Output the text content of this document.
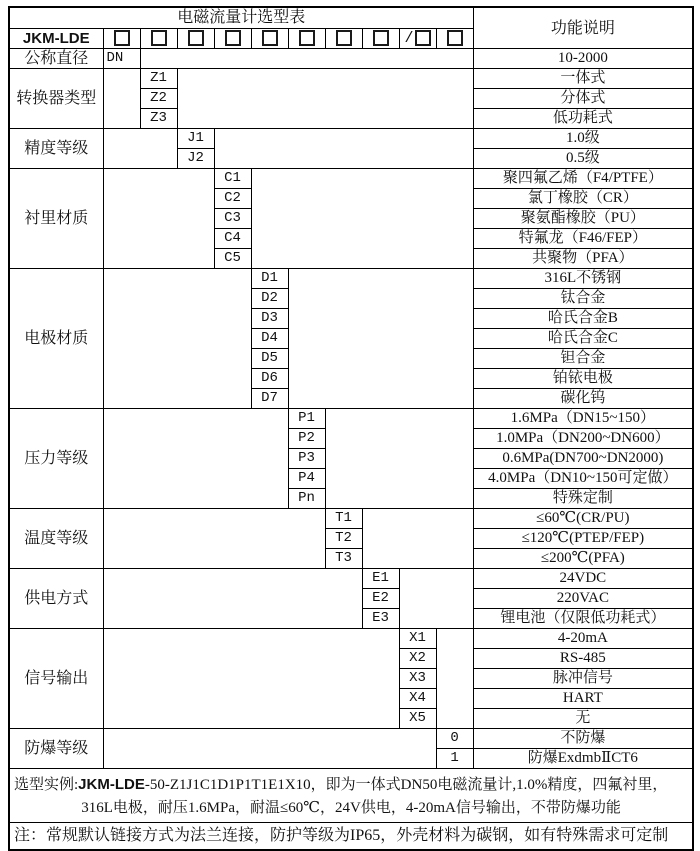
电磁流量计选型表											功能说明
JKM-LDE									/		
公称直径	DN										10-2000
转换器类型		Z1									一体式
		Z2									分体式
		Z3									低功耗式
精度等级			J1								1.0级
			J2								0.5级
衬里材质				C1							聚四氟乙烯（F4/PTFE）
				C2							氯丁橡胶（CR）
				C3							聚氨酯橡胶（PU）
				C4							特氟龙（F46/FEP）
				C5							共聚物（PFA）
电极材质					D1						316L不锈钢
					D2						钛合金
					D3						哈氏合金B
					D4						哈氏合金C
					D5						钽合金
					D6						铂铱电极
					D7						碳化钨
压力等级						P1					1.6MPa（DN15~150）
						P2					1.0MPa（DN200~DN600）
						P3					0.6MPa(DN700~DN2000)
						P4					4.0MPa（DN10~150可定做）
						Pn					特殊定制
温度等级							T1				≤60℃(CR/PU)
							T2				≤120℃(PTEP/FEP)
							T3				≤200℃(PFA)
供电方式								E1			24VDC
								E2			220VAC
								E3			锂电池（仅限低功耗式）
信号输出									X1		4-20mA
									X2		RS-485
									X3		脉冲信号
									X4		HART
									X5		无
防爆等级										0	不防爆
										1	防爆ExdmbⅡCT6

选型实例:JKM-LDE-50-Z1J1C1D1P1T1E1X10，即为一体式DN50电磁流量计,1.0%精度，四氟衬里，
316L电极，耐压1.6MPa，耐温≤60℃，24V供电，4-20mA信号输出，不带防爆功能											

注：常规默认链接方式为法兰连接，防护等级为IP65，外壳材料为碳钢，如有特殊需求可定制											
